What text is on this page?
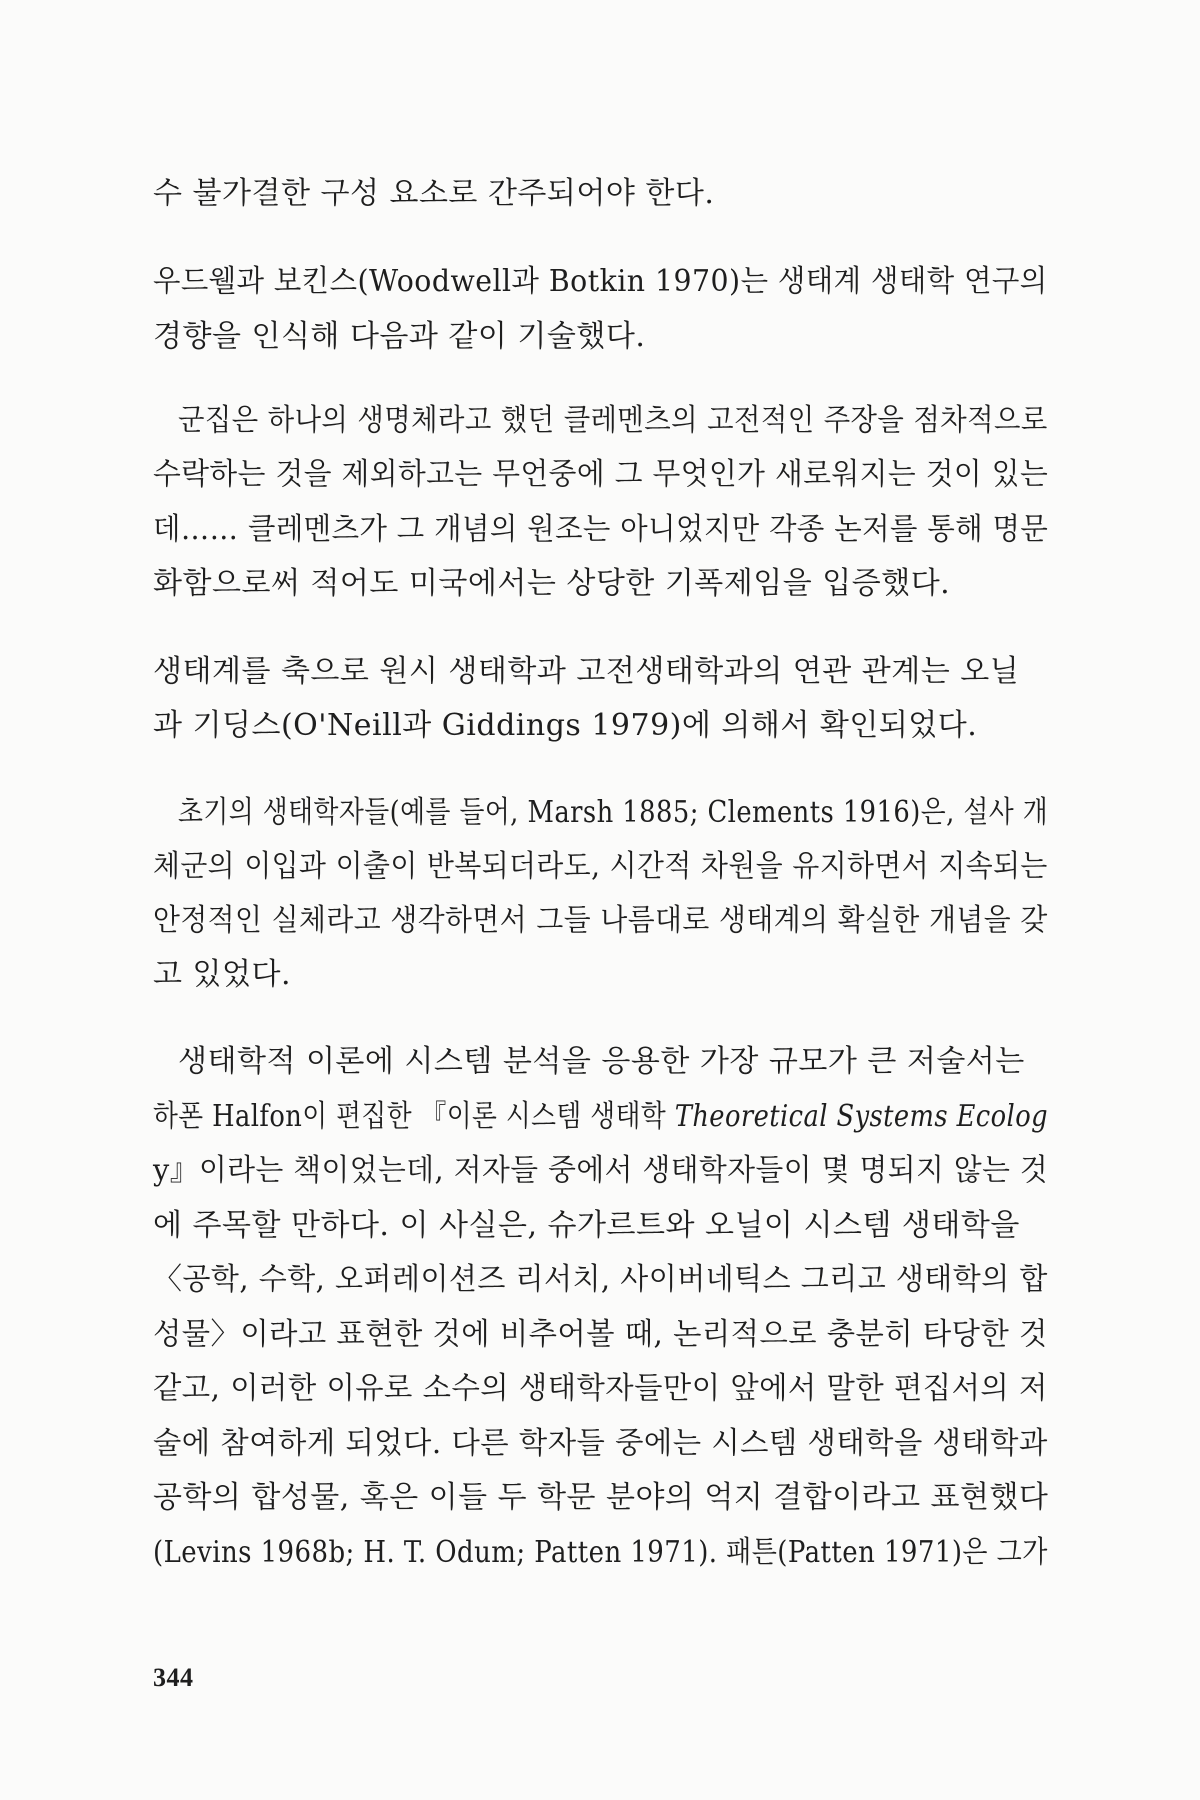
수 불가결한 구성 요소로 간주되어야 한다.
우드웰과 보킨스(Woodwell과 Botkin 1970)는 생태계 생태학 연구의
경향을 인식해 다음과 같이 기술했다.
군집은 하나의 생명체라고 했던 클레멘츠의 고전적인 주장을 점차적으로
수락하는 것을 제외하고는 무언중에 그 무엇인가 새로워지는 것이 있는
데…… 클레멘츠가 그 개념의 원조는 아니었지만 각종 논저를 통해 명문
화함으로써 적어도 미국에서는 상당한 기폭제임을 입증했다.
생태계를 축으로 원시 생태학과 고전생태학과의 연관 관계는 오닐
과 기딩스(O'Neill과 Giddings 1979)에 의해서 확인되었다.
초기의 생태학자들(예를 들어, Marsh 1885; Clements 1916)은, 설사 개
체군의 이입과 이출이 반복되더라도, 시간적 차원을 유지하면서 지속되는
안정적인 실체라고 생각하면서 그들 나름대로 생태계의 확실한 개념을 갖
고 있었다.
생태학적 이론에 시스템 분석을 응용한 가장 규모가 큰 저술서는
하폰 Halfon이 편집한 『이론 시스템 생태학 Theoretical Systems Ecolog
y』이라는 책이었는데, 저자들 중에서 생태학자들이 몇 명되지 않는 것
에 주목할 만하다. 이 사실은, 슈가르트와 오닐이 시스템 생태학을
〈공학, 수학, 오퍼레이션즈 리서치, 사이버네틱스 그리고 생태학의 합
성물〉이라고 표현한 것에 비추어볼 때, 논리적으로 충분히 타당한 것
같고, 이러한 이유로 소수의 생태학자들만이 앞에서 말한 편집서의 저
술에 참여하게 되었다. 다른 학자들 중에는 시스템 생태학을 생태학과
공학의 합성물, 혹은 이들 두 학문 분야의 억지 결합이라고 표현했다
(Levins 1968b; H. T. Odum; Patten 1971). 패튼(Patten 1971)은 그가
344
